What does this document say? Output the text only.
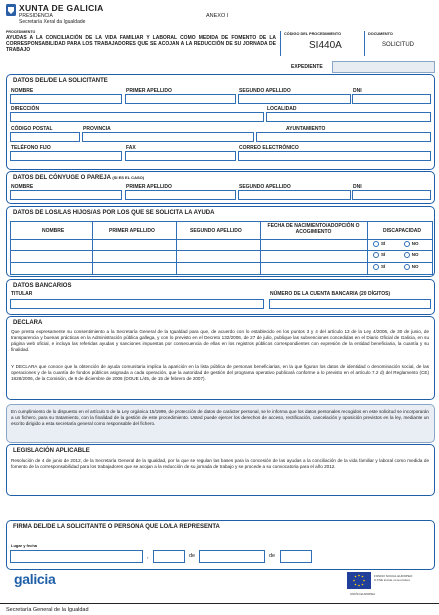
XUNTA DE GALICIA
PRESIDENCIA
Secretaría Xeral da Igualdade
ANEXO I
PROCEDIMENTO
AYUDAS A LA CONCILIACIÓN DE LA VIDA FAMILIAR Y LABORAL COMO MEDIDA DE FOMENTO DE LA CORRESPONSABILIDAD PARA LOS TRABAJADORES QUE SE ACOJAN A LA REDUCCIÓN DE SU JORNADA DE TRABAJO
CÓDIGO DEL PROCEDIMIENTO
SI440A
DOCUMENTO
SOLICITUD
EXPEDIENTE
DATOS DEL/DE LA SOLICITANTE
NOMBRE	PRIMER APELLIDO	SEGUNDO APELLIDO	DNI
DIRECCIÓN	LOCALIDAD
CÓDIGO POSTAL	PROVINCIA	AYUNTAMIENTO
TELÉFONO FIJO	FAX	CORREO ELECTRÓNICO
DATOS DEL CÓNYUGE O PAREJA (SI ES EL CASO)
NOMBRE	PRIMER APELLIDO	SEGUNDO APELLIDO	DNI
DATOS DE LOS/LAS HIJOS/AS POR LOS QUE SE SOLICITA LA AYUDA
NOMBRE	PRIMER APELLIDO	SEGUNDO APELLIDO
FECHA DE NACIMIENTO/ADOPCIÓN O ACOGIMIENTO	DISCAPACIDAD
SÍ	NO
SÍ	NO
SÍ	NO
DATOS BANCARIOS
TITULAR	NÚMERO DE LA CUENTA BANCARIA (20 DÍGITOS)
DECLARA
Que presta expresamente su consentimiento a la Secretaría General de la Igualdad para que, de acuerdo con lo establecido en los puntos 3 y 4 del artículo 13 de la Ley 4/2006, de 30 de junio, de transparencia y buenas prácticas en la Administración pública gallega, y con lo previsto en el Decreto 132/2006, de 27 de julio, publique las subvenciones concedidas en el Diario Oficial de Galicia, en su página web oficial, e incluya las referidas ayudas y sanciones impuestas por consecuencia de ellas en los registros públicos correspondientes con expresión de la entidad beneficiaria, la cuantía y su finalidad.
Y DECLARA que conoce que la obtención de ayuda comunitaria implica la aparición en la lista pública de personas beneficiarias, en la que figuran los datos de identidad o denominación social, de las operaciones y de la cuantía de fondos públicos asignada a cada operación, que la autoridad de gestión del programa operativo publicará conforme a lo previsto en el artículo 7.2 d) del Reglamento (CE) 1828/2006, de la Comisión, de 8 de diciembre de 2006 (DOUE L/45, de 15 de febrero de 2007).
En cumplimiento de lo dispuesto en el artículo 5 de la Ley orgánica 15/1999, de protección de datos de carácter personal, se le informa que los datos personales recogidos en este solicitud se incorporarán a un fichero, para su tratamiento, con la finalidad de la gestión de este procedimiento. Usted puede ejercer los derechos de acceso, rectificación, cancelación y oposición previstos en la ley, mediante un escrito dirigido a esta secretaría general como responsable del fichero.
LEGISLACIÓN APLICABLE
Resolución de 4 de junio de 2012, de la Secretaría General de la Igualdad, por la que se regulan las bases para la concesión de las ayudas a la conciliación de la vida familiar y laboral como medida de fomento de la corresponsabilidad para los trabajadores que se acojan a la reducción de su jornada de trabajo y se procede a su convocatoria para el año 2012.
FIRMA DEL/DE LA SOLICITANTE O PERSONA QUE LO/LA REPRESENTA
Lugar y fecha
,	de	de
galicia	FONDO SOCIAL EUROPEO
O FSE inviste no teu futuro
UNIÓN EUROPEA
Secretaría General de la Igualdad
